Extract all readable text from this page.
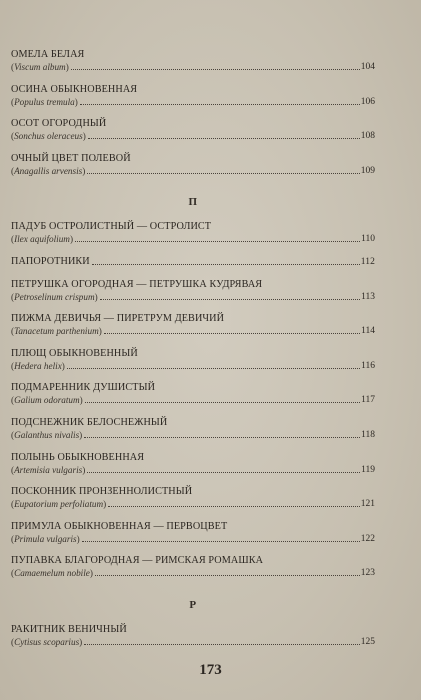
ОМЕЛА БЕЛАЯ
(Viscum album)	104
ОСИНА ОБЫКНОВЕННАЯ
(Populus tremula)	106
ОСОТ ОГОРОДНЫЙ
(Sonchus oleraceus)	108
ОЧНЫЙ ЦВЕТ ПОЛЕВОЙ
(Anagallis arvensis)	109
П
ПАДУБ ОСТРОЛИСТНЫЙ — ОСТРОЛИСТ
(Ilex aquifolium)	110
ПАПОРОТНИКИ	112
ПЕТРУШКА ОГОРОДНАЯ — ПЕТРУШКА КУДРЯВАЯ
(Petroselinum crispum)	113
ПИЖМА ДЕВИЧЬЯ — ПИРЕТРУМ ДЕВИЧИЙ
(Tanacetum parthenium)	114
ПЛЮЩ ОБЫКНОВЕННЫЙ
(Hedera helix)	116
ПОДМАРЕННИК ДУШИСТЫЙ
(Galium odoratum)	117
ПОДСНЕЖНИК БЕЛОСНЕЖНЫЙ
(Galanthus nivalis)	118
ПОЛЫНЬ ОБЫКНОВЕННАЯ
(Artemisia vulgaris)	119
ПОСКОННИК ПРОНЗЕННОЛИСТНЫЙ
(Eupatorium perfoliatum)	121
ПРИМУЛА ОБЫКНОВЕННАЯ — ПЕРВОЦВЕТ
(Primula vulgaris)	122
ПУПАВКА БЛАГОРОДНАЯ — РИМСКАЯ РОМАШКА
(Camaemelum nobile)	123
Р
РАКИТНИК ВЕНИЧНЫЙ
(Cytisus scoparius)	125
173
